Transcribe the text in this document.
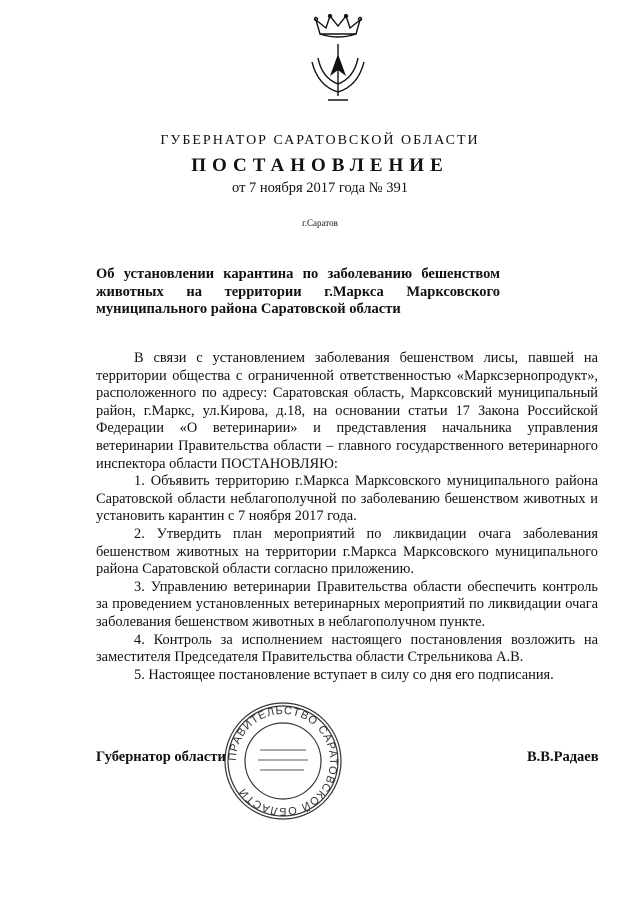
ГУБЕРНАТОР САРАТОВСКОЙ ОБЛАСТИ
ПОСТАНОВЛЕНИЕ
от 7 ноября 2017 года № 391
г.Саратов
Об установлении карантина по заболеванию бешенством животных на территории г.Маркса Марксовского муниципального района Саратовской области

В связи с установлением заболевания бешенством лисы, павшей на территории общества с ограниченной ответственностью «Марксзернопродукт», расположенного по адресу: Саратовская область, Марксовский муниципальный район, г.Маркс, ул.Кирова, д.18, на основании статьи 17 Закона Российской Федерации «О ветеринарии» и представления начальника управления ветеринарии Правительства области – главного государственного ветеринарного инспектора области ПОСТАНОВЛЯЮ:

1. Объявить территорию г.Маркса Марксовского муниципального района Саратовской области неблагополучной по заболеванию бешенством животных и установить карантин с 7 ноября 2017 года.

2. Утвердить план мероприятий по ликвидации очага заболевания бешенством животных на территории г.Маркса Марксовского муниципального района Саратовской области согласно приложению.

3. Управлению ветеринарии Правительства области обеспечить контроль за проведением установленных ветеринарных мероприятий по ликвидации очага заболевания бешенством животных в неблагополучном пункте.

4. Контроль за исполнением настоящего постановления возложить на заместителя Председателя Правительства области Стрельникова А.В.

5. Настоящее постановление вступает в силу со дня его подписания.

ПРАВИТЕЛЬСТВО САРАТОВСКОЙ ОБЛАСТИ
Губернатор области	В.В.Радаев
